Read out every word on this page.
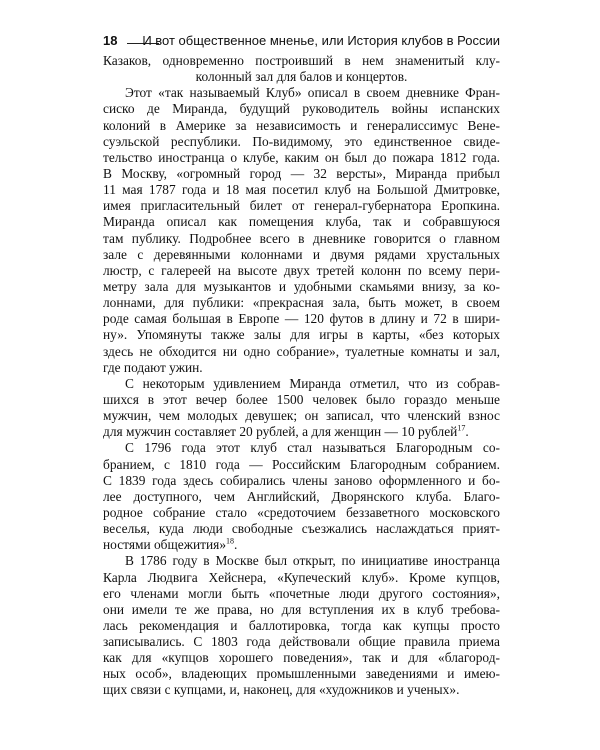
18 И вот общественное мненье, или История клубов в России
Казаков, одновременно построивший в нем знаменитый клу-
колонный зал для балов и концертов.
Этот «так называемый Клуб» описал в своем дневнике Фран-
сиско де Миранда, будущий руководитель войны испанских
колоний в Америке за независимость и генералиссимус Вене-
суэльской республики. По-видимому, это единственное свиде-
тельство иностранца о клубе, каким он был до пожара 1812 года.
В Москву, «огромный город — 32 версты», Миранда прибыл
11 мая 1787 года и 18 мая посетил клуб на Большой Дмитровке,
имея пригласительный билет от генерал-губернатора Еропкина.
Миранда описал как помещения клуба, так и собравшуюся
там публику. Подробнее всего в дневнике говорится о главном
зале с деревянными колоннами и двумя рядами хрустальных
люстр, с галереей на высоте двух третей колонн по всему пери-
метру зала для музыкантов и удобными скамьями внизу, за ко-
лоннами, для публики: «прекрасная зала, быть может, в своем
роде самая большая в Европе — 120 футов в длину и 72 в шири-
ну». Упомянуты также залы для игры в карты, «без которых
здесь не обходится ни одно собрание», туалетные комнаты и зал,
где подают ужин.
С некоторым удивлением Миранда отметил, что из собрав-
шихся в этот вечер более 1500 человек было гораздо меньше
мужчин, чем молодых девушек; он записал, что членский взнос
для мужчин составляет 20 рублей, а для женщин — 10 рублей$^{17}$.
С 1796 года этот клуб стал называться Благородным со-
бранием, с 1810 года — Российским Благородным собранием.
С 1839 года здесь собирались члены заново оформленного и бо-
лее доступного, чем Английский, Дворянского клуба. Благо-
родное собрание стало «средоточием беззаветного московского
веселья, куда люди свободные съезжались наслаждаться прият-
ностями общежития»$^{18}$.
В 1786 году в Москве был открыт, по инициативе иностранца
Карла Людвига Хейснера, «Купеческий клуб». Кроме купцов,
его членами могли быть «почетные люди другого состояния»,
они имели те же права, но для вступления их в клуб требова-
лась рекомендация и баллотировка, тогда как купцы просто
записывались. С 1803 года действовали общие правила приема
как для «купцов хорошего поведения», так и для «благород-
ных особ», владеющих промышленными заведениями и имею-
щих связи с купцами, и, наконец, для «художников и ученых».
